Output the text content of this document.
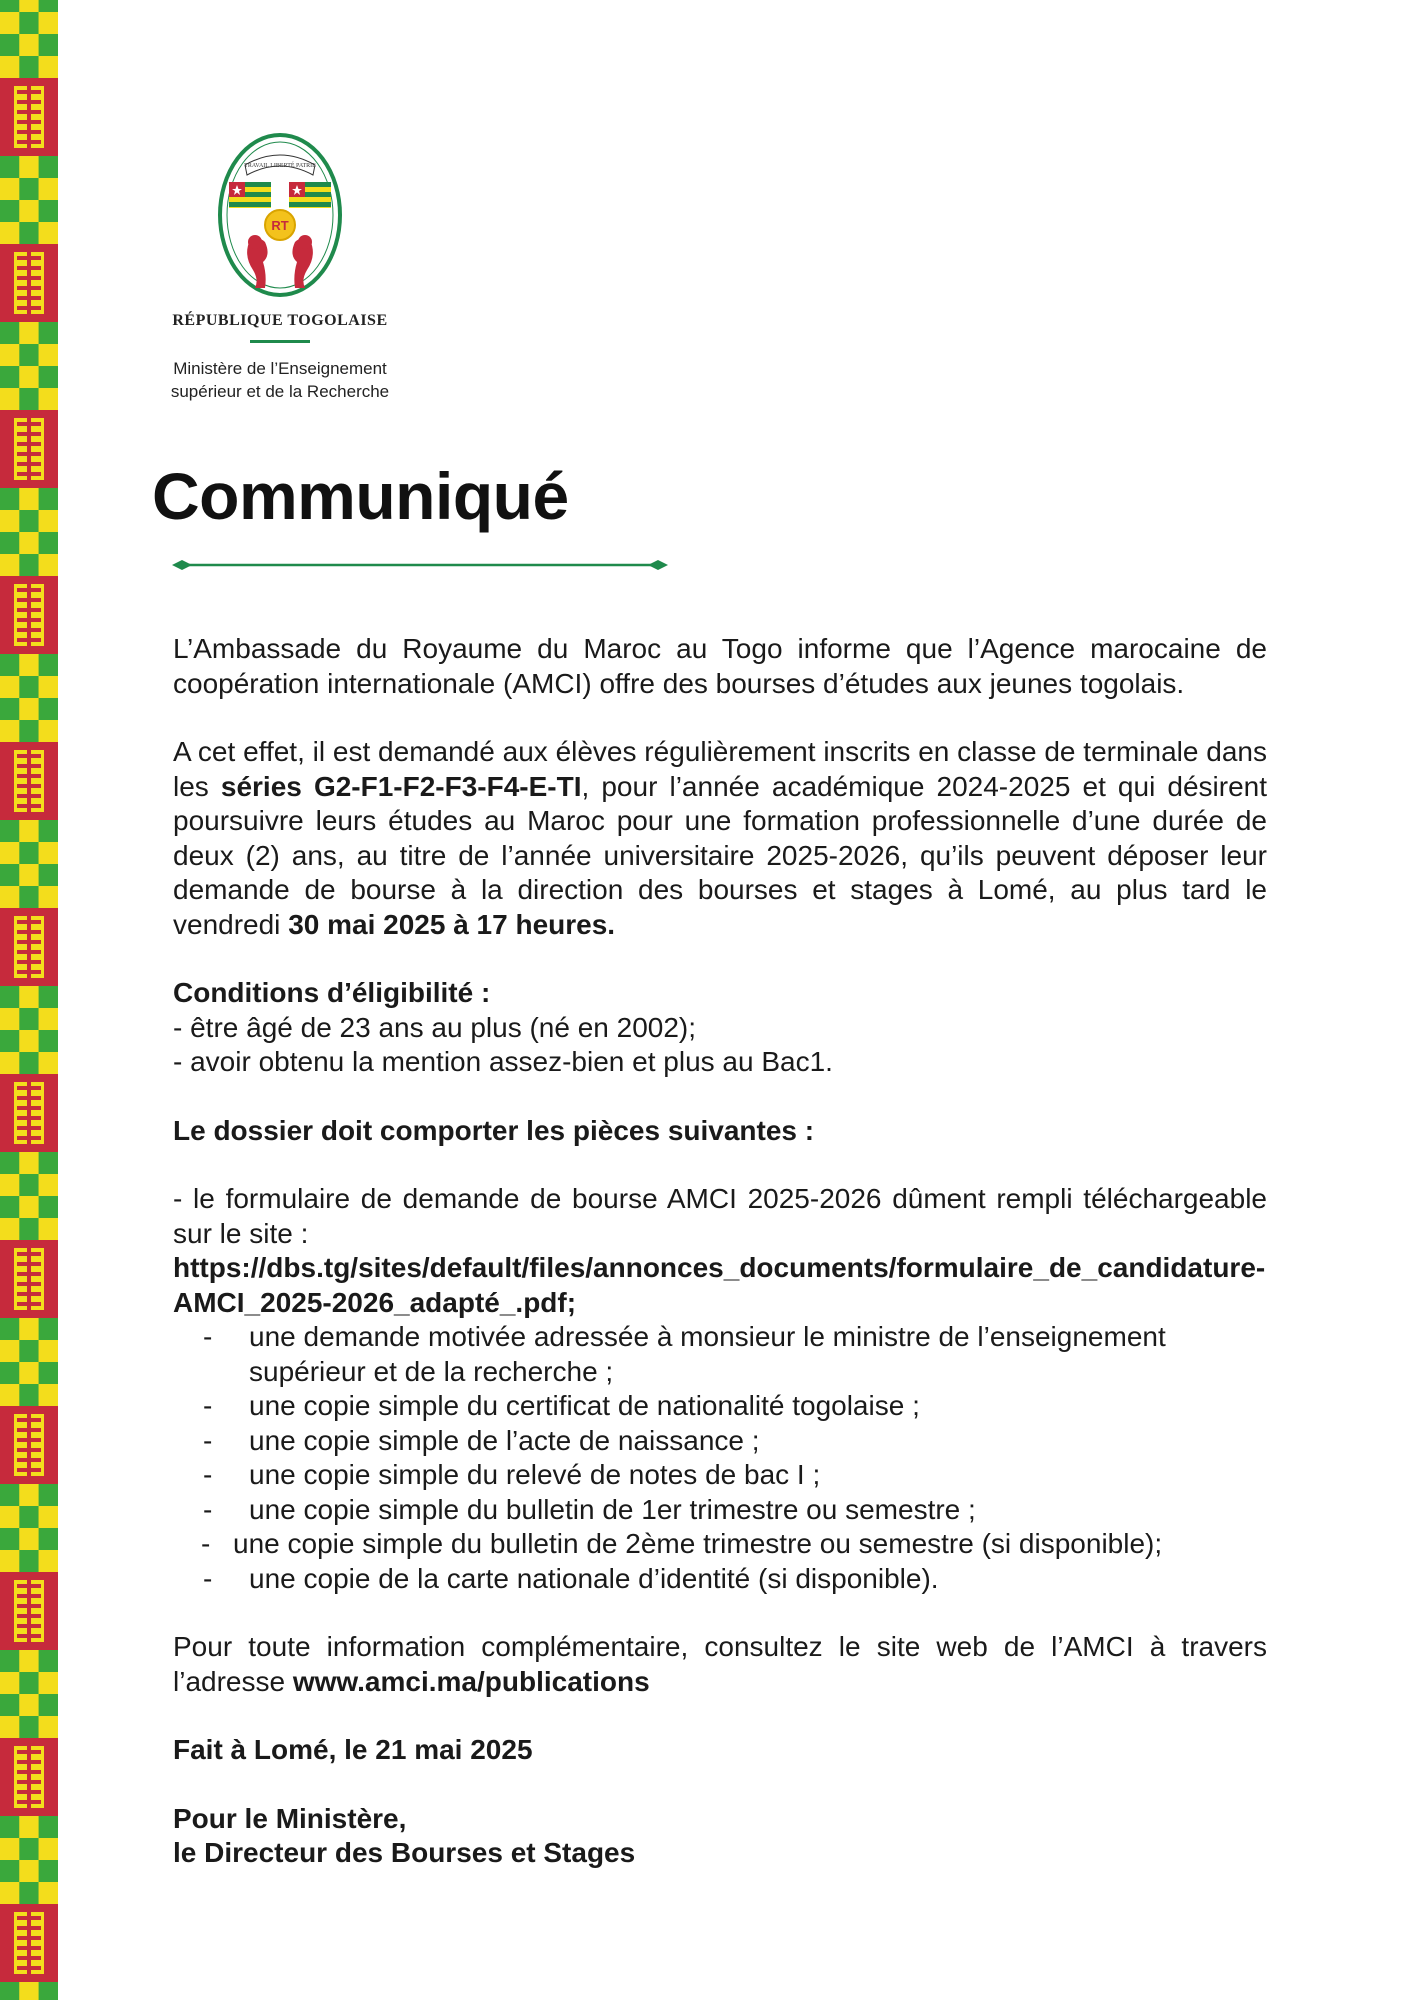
TRAVAIL LIBERTÉ PATRIE
RT
RÉPUBLIQUE TOGOLAISE
Ministère de l’Enseignement
supérieur et de la Recherche
Communiqué

L’Ambassade du Royaume du Maroc au Togo informe que l’Agence marocaine de coopération internationale (AMCI) offre des bourses d’études aux jeunes togolais.

A cet effet, il est demandé aux élèves régulièrement inscrits en classe de terminale dans les séries G2-F1-F2-F3-F4-E-TI, pour l’année académique 2024-2025 et qui désirent poursuivre leurs études au Maroc pour une formation professionnelle d’une durée de deux (2) ans, au titre de l’année universitaire 2025-2026, qu’ils peuvent déposer leur demande de bourse à la direction des bourses et stages à Lomé, au plus tard le vendredi 30 mai 2025 à 17 heures.

Conditions d’éligibilité :

- être âgé de 23 ans au plus (né en 2002);

- avoir obtenu la mention assez-bien et plus au Bac1.

Le dossier doit comporter les pièces suivantes :

- le formulaire de demande de bourse AMCI 2025-2026 dûment rempli téléchargeable sur le site :

https://dbs.tg/sites/default/files/annonces_documents/formulaire_de_candidature-AMCI_2025-2026_adapté_.pdf;

- une demande motivée adressée à monsieur le ministre de l’enseignement supérieur et de la recherche ;

- une copie simple du certificat de nationalité togolaise ;

- une copie simple de l’acte de naissance ;

- une copie simple du relevé de notes de bac I ;

- une copie simple du bulletin de 1er trimestre ou semestre ;

- une copie simple du bulletin de 2ème trimestre ou semestre (si disponible);

- une copie de la carte nationale d’identité (si disponible).

Pour toute information complémentaire, consultez le site web de l’AMCI à travers l’adresse www.amci.ma/publications

Fait à Lomé, le 21 mai 2025

Pour le Ministère,

le Directeur des Bourses et Stages
